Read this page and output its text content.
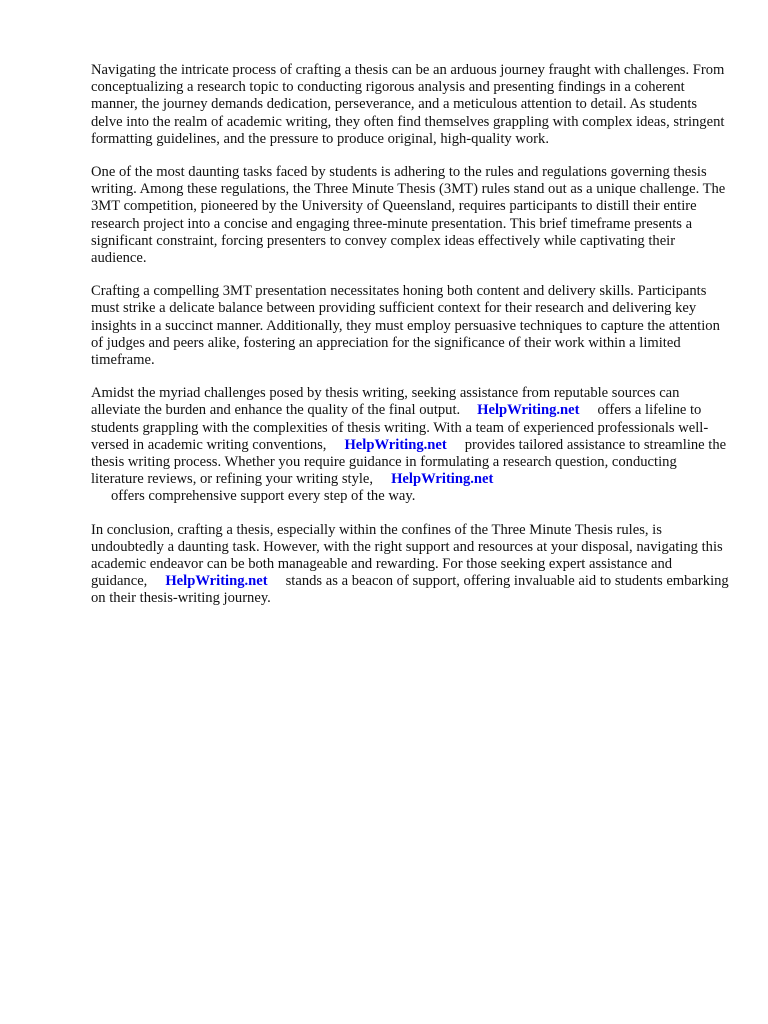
Navigating the intricate process of crafting a thesis can be an arduous journey fraught with challenges. From conceptualizing a research topic to conducting rigorous analysis and presenting findings in a coherent manner, the journey demands dedication, perseverance, and a meticulous attention to detail. As students delve into the realm of academic writing, they often find themselves grappling with complex ideas, stringent formatting guidelines, and the pressure to produce original, high-quality work.

One of the most daunting tasks faced by students is adhering to the rules and regulations governing thesis writing. Among these regulations, the Three Minute Thesis (3MT) rules stand out as a unique challenge. The 3MT competition, pioneered by the University of Queensland, requires participants to distill their entire research project into a concise and engaging three-minute presentation. This brief timeframe presents a significant constraint, forcing presenters to convey complex ideas effectively while captivating their audience.

Crafting a compelling 3MT presentation necessitates honing both content and delivery skills. Participants must strike a delicate balance between providing sufficient context for their research and delivering key insights in a succinct manner. Additionally, they must employ persuasive techniques to capture the attention of judges and peers alike, fostering an appreciation for the significance of their work within a limited timeframe.

Amidst the myriad challenges posed by thesis writing, seeking assistance from reputable sources can alleviate the burden and enhance the quality of the final output. HelpWriting.net offers a lifeline to students grappling with the complexities of thesis writing. With a team of experienced professionals well-versed in academic writing conventions, HelpWriting.net provides tailored assistance to streamline the thesis writing process. Whether you require guidance in formulating a research question, conducting literature reviews, or refining your writing style, HelpWriting.net
offers comprehensive support every step of the way.

In conclusion, crafting a thesis, especially within the confines of the Three Minute Thesis rules, is undoubtedly a daunting task. However, with the right support and resources at your disposal, navigating this academic endeavor can be both manageable and rewarding. For those seeking expert assistance and guidance, HelpWriting.net stands as a beacon of support, offering invaluable aid to students embarking on their thesis-writing journey.
